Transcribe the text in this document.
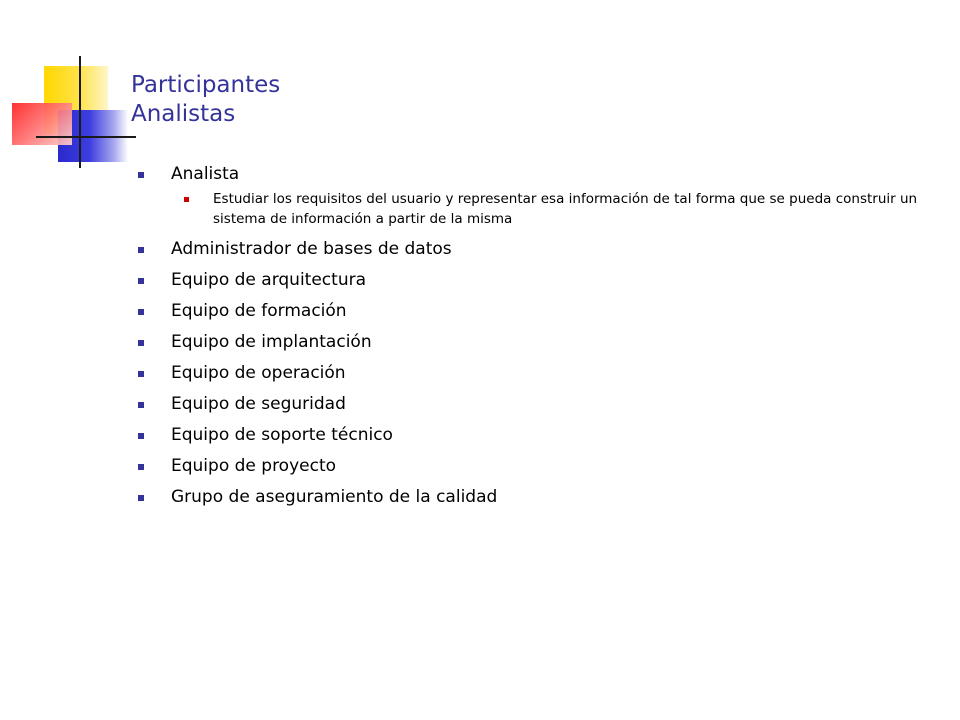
Participantes
Analistas
Analista
Estudiar los requisitos del usuario y representar esa información de tal forma que se pueda construir un sistema de información a partir de la misma
Administrador de bases de datos
Equipo de arquitectura
Equipo de formación
Equipo de implantación
Equipo de operación
Equipo de seguridad
Equipo de soporte técnico
Equipo de proyecto
Grupo de aseguramiento de la calidad
